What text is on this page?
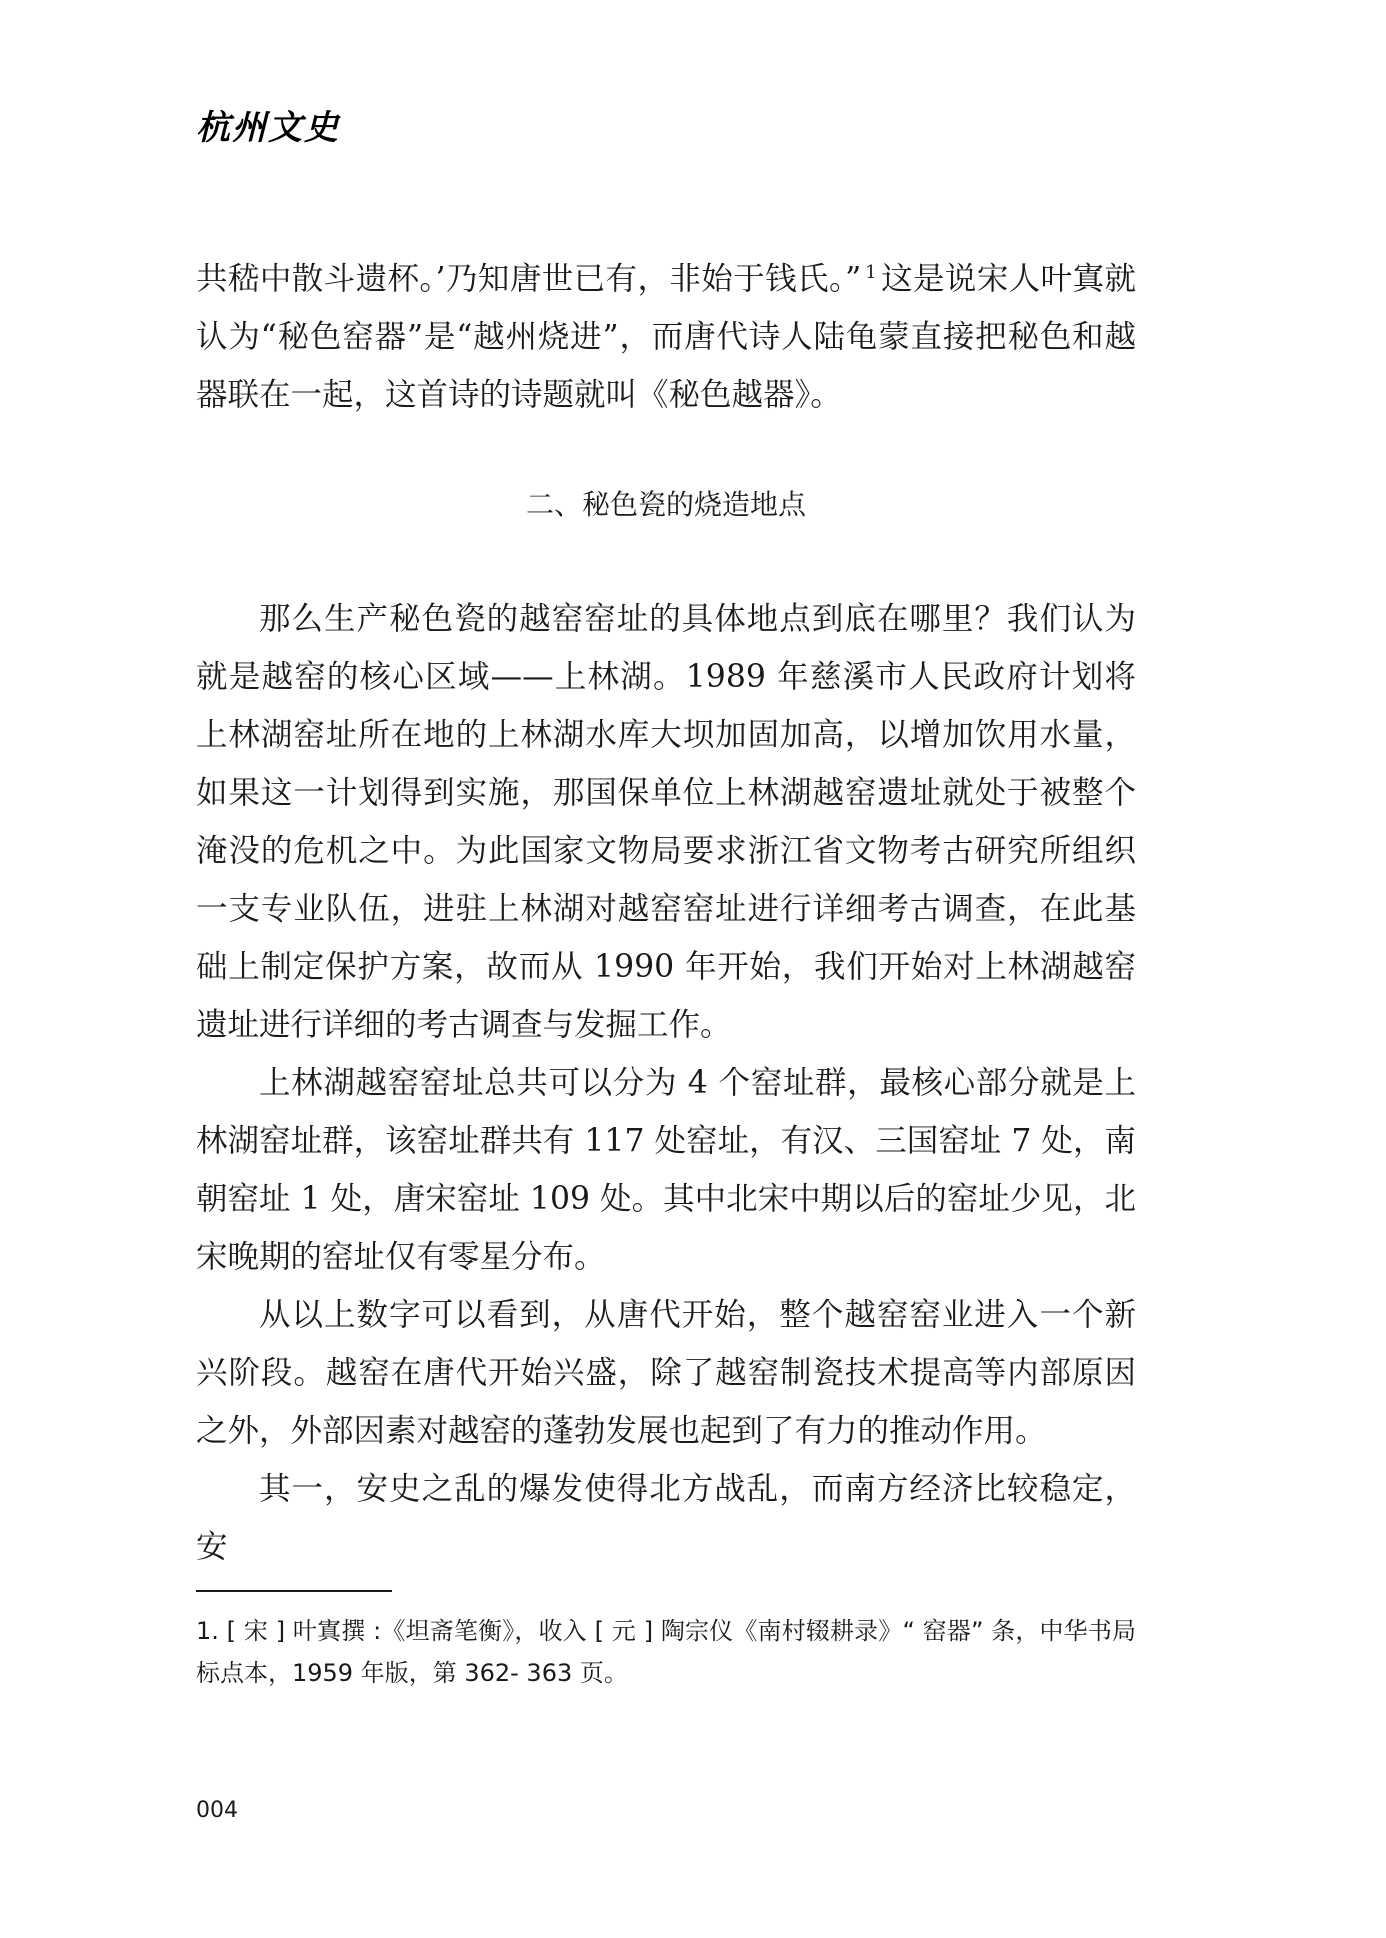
杭州文史

共嵇中散斗遗杯。’乃知唐世已有，非始于钱氏。” $^1$ 这是说宋人叶寘就认为“秘色窑器”是“越州烧进”，而唐代诗人陆龟蒙直接把秘色和越器联在一起，这首诗的诗题就叫《秘色越器》。

二、秘色瓷的烧造地点

那么生产秘色瓷的越窑窑址的具体地点到底在哪里？我们认为就是越窑的核心区域——上林湖。1989 年慈溪市人民政府计划将上林湖窑址所在地的上林湖水库大坝加固加高，以增加饮用水量，如果这一计划得到实施，那国保单位上林湖越窑遗址就处于被整个淹没的危机之中。为此国家文物局要求浙江省文物考古研究所组织一支专业队伍，进驻上林湖对越窑窑址进行详细考古调查，在此基础上制定保护方案，故而从 1990 年开始，我们开始对上林湖越窑遗址进行详细的考古调查与发掘工作。

上林湖越窑窑址总共可以分为 4 个窑址群，最核心部分就是上林湖窑址群，该窑址群共有 117 处窑址，有汉、三国窑址 7 处，南朝窑址 1 处，唐宋窑址 109 处。其中北宋中期以后的窑址少见，北宋晚期的窑址仅有零星分布。

从以上数字可以看到，从唐代开始，整个越窑窑业进入一个新兴阶段。越窑在唐代开始兴盛，除了越窑制瓷技术提高等内部原因之外，外部因素对越窑的蓬勃发展也起到了有力的推动作用。

其一，安史之乱的爆发使得北方战乱，而南方经济比较稳定，安

1. [ 宋 ] 叶寘撰 :《坦斋笔衡》，收入 [ 元 ] 陶宗仪《南村辍耕录》“ 窑器” 条，中华书局标点本，1959 年版，第 362- 363 页。

004
